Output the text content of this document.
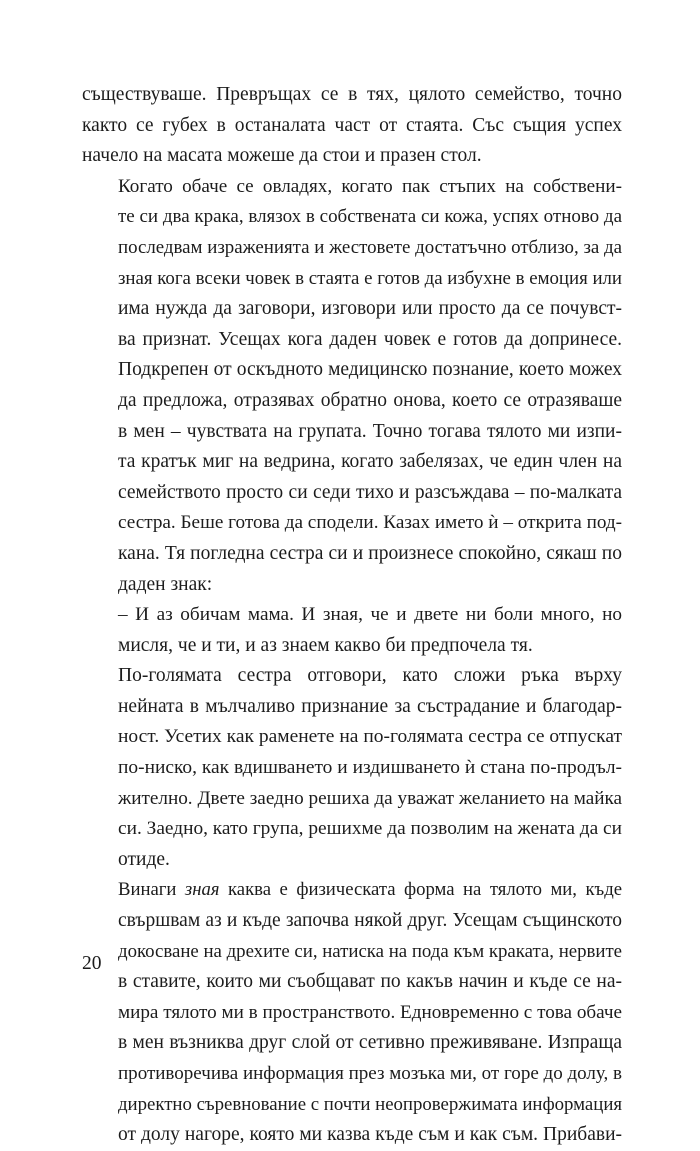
съществуваше. Превръщах се в тях, цялото семейство, точно
както се губех в останалата част от стаята. Със същия успех
начело на масата можеше да стои и празен стол.
Когато обаче се овладях, когато пак стъпих на собствени-
те си два крака, влязох в собствената си кожа, успях отново да
последвам израженията и жестовете достатъчно отблизо, за да
зная кога всеки човек в стаята е готов да избухне в емоция или
има нужда да заговори, изговори или просто да се почувст-
ва признат. Усещах кога даден човек е готов да допринесе.
Подкрепен от оскъдното медицинско познание, което можех
да предложа, отразявах обратно онова, което се отразяваше
в мен – чувствата на групата. Точно тогава тялото ми изпи-
та кратък миг на ведрина, когато забелязах, че един член на
семейството просто си седи тихо и разсъждава – по-малката
сестра. Беше готова да сподели. Казах името ѝ – открита под-
кана. Тя погледна сестра си и произнесе спокойно, сякаш по
даден знак:
– И аз обичам мама. И зная, че и двете ни боли много, но
мисля, че и ти, и аз знаем какво би предпочела тя.
По-голямата сестра отговори, като сложи ръка върху
нейната в мълчаливо признание за състрадание и благодар-
ност. Усетих как раменете на по-голямата сестра се отпускат
по-ниско, как вдишването и издишването ѝ стана по-продъл-
жително. Двете заедно решиха да уважат желанието на майка
си. Заедно, като група, решихме да позволим на жената да си
отиде.
Винаги зная каква е физическата форма на тялото ми, къде
свършвам аз и къде започва някой друг. Усещам същинското
докосване на дрехите си, натиска на пода към краката, нервите
в ставите, които ми съобщават по какъв начин и къде се на-
мира тялото ми в пространството. Едновременно с това обаче
в мен възниква друг слой от сетивно преживяване. Изпраща
противоречива информация през мозъка ми, от горе до долу, в
директно съревнование с почти неопровержимата информация
от долу нагоре, която ми казва къде съм и как съм. Прибави-
20
